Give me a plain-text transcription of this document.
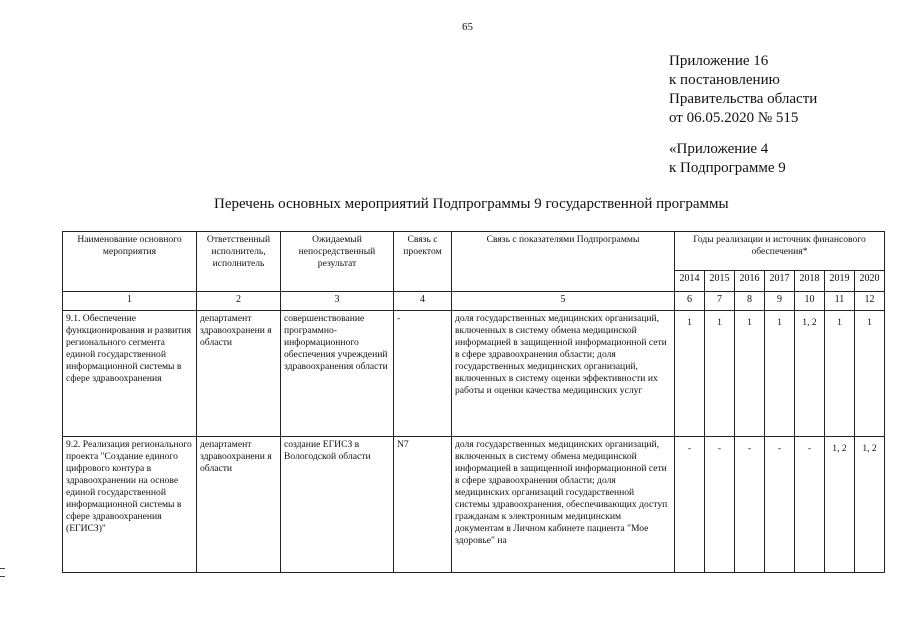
65
Приложение 16
к постановлению
Правительства области
от 06.05.2020 № 515
«Приложение 4
к Подпрограмме 9
Перечень основных мероприятий Подпрограммы 9 государственной программы
Наименование основного мероприятия	Ответственный исполнитель, исполнитель	Ожидаемый непосредственный результат	Связь с проектом	Связь с показателями Подпрограммы	Годы реализации и источник финансового обеспечения*						
					2014	2015	2016	2017	2018	2019	2020
1	2	3	4	5	6	7	8	9	10	11	12
9.1. Обеспечение функционирования и развития регионального сегмента единой государственной информационной системы в сфере здравоохранения	департамент здравоохранени я области	совершенствование программно-информационного обеспечения учреждений здравоохранения области	-	доля государственных медицинских организаций, включенных в систему обмена медицинской информацией в защищенной информационной сети в сфере здравоохранения области; доля государственных медицинских организаций, включенных в систему оценки эффективности их работы и оценки качества медицинских услуг	1	1	1	1	1, 2	1	1
9.2. Реализация регионального проекта "Создание единого цифрового контура в здравоохранении на основе единой государственной информационной системы в сфере здравоохранения (ЕГИСЗ)"	департамент здравоохранени я области	создание ЕГИСЗ в Вологодской области	N7	доля государственных медицинских организаций, включенных в систему обмена медицинской информацией в защищенной информационной сети в сфере здравоохранения области; доля медицинских организаций государственной системы здравоохранения, обеспечивающих доступ гражданам к электронным медицинским документам в Личном кабинете пациента "Мое здоровье" на	-	-	-	-	-	1, 2	1, 2
